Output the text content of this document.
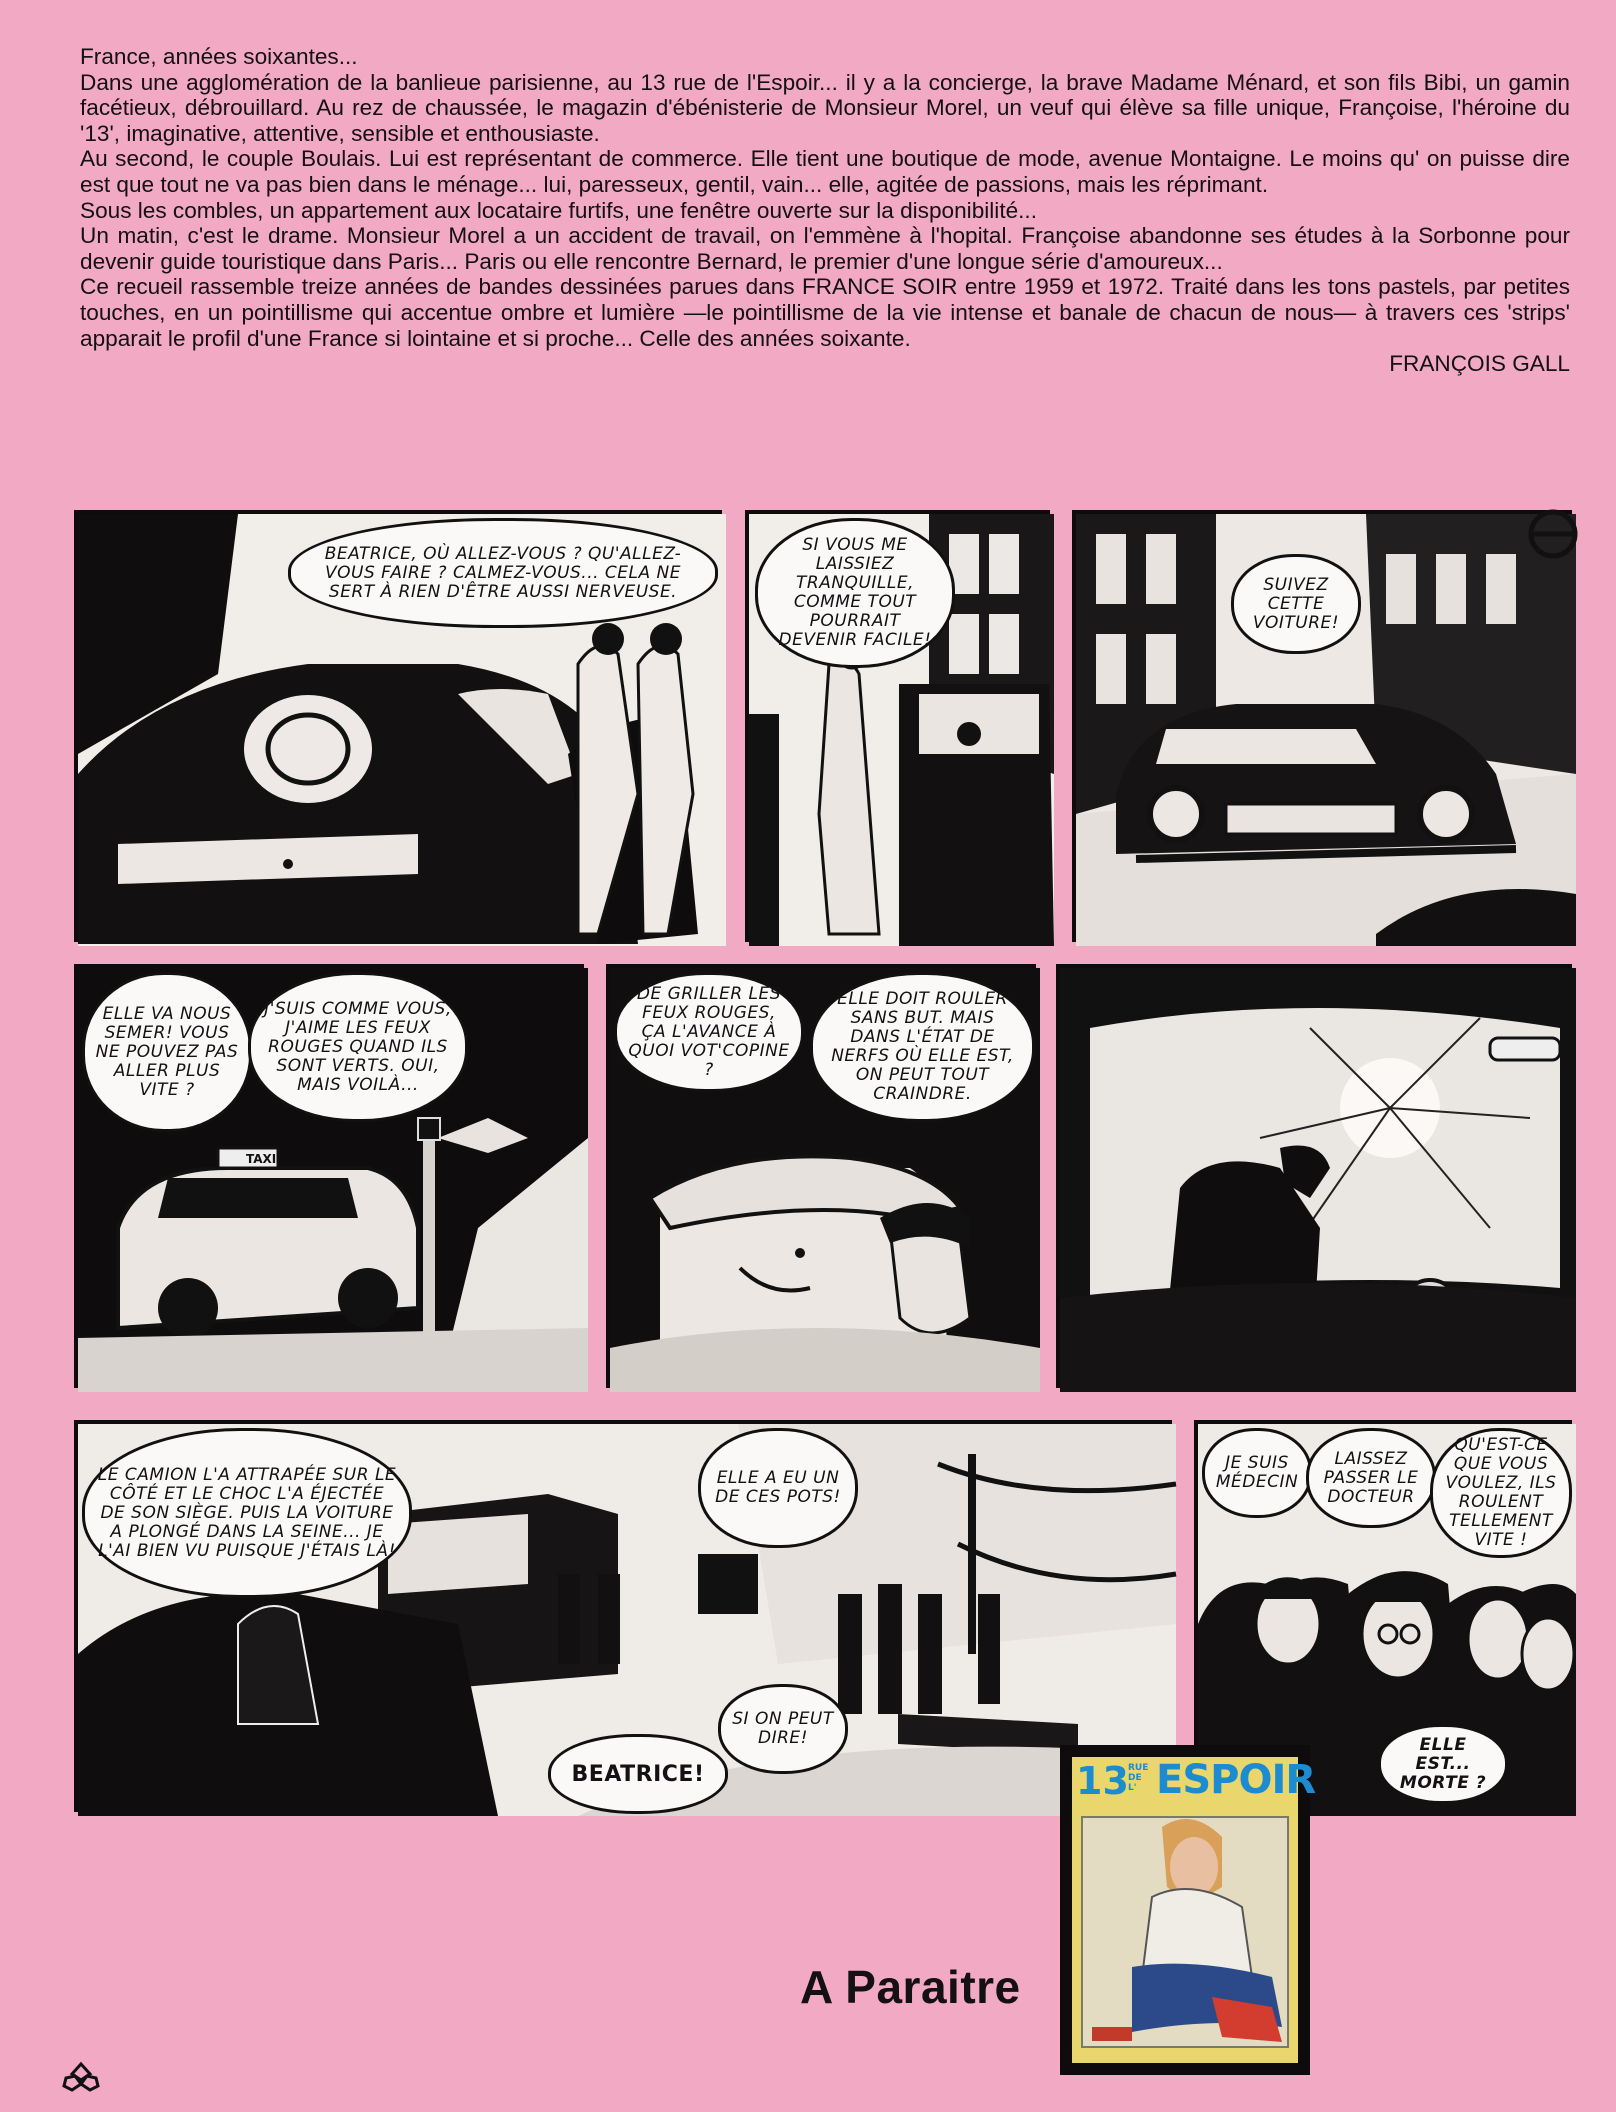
France, années soixantes...

Dans une agglomération de la banlieue parisienne, au 13 rue de l'Espoir... il y a la concierge, la brave Madame Ménard, et son fils Bibi, un gamin facétieux, débrouillard. Au rez de chaussée, le magazin d'ébénisterie de Monsieur Morel, un veuf qui élève sa fille unique, Françoise, l'héroine du '13', imaginative, attentive, sensible et enthousiaste.

Au second, le couple Boulais. Lui est représentant de commerce. Elle tient une boutique de mode, avenue Montaigne. Le moins qu' on puisse dire est que tout ne va pas bien dans le ménage... lui, paresseux, gentil, vain... elle, agitée de passions, mais les réprimant.

Sous les combles, un appartement aux locataire furtifs, une fenêtre ouverte sur la disponibilité...

Un matin, c'est le drame. Monsieur Morel a un accident de travail, on l'emmène à l'hopital. Françoise abandonne ses études à la Sorbonne pour devenir guide touristique dans Paris... Paris ou elle rencontre Bernard, le premier d'une longue série d'amoureux...

Ce recueil rassemble treize années de bandes dessinées parues dans FRANCE SOIR entre 1959 et 1972. Traité dans les tons pastels, par petites touches, en un pointillisme qui accentue ombre et lumière —le pointillisme de la vie intense et banale de chacun de nous— à travers ces 'strips' apparait le profil d'une France si lointaine et si proche... Celle des années soixante.

FRANÇOIS GALL

BEATRICE, OÙ ALLEZ-VOUS ? QU'ALLEZ-VOUS FAIRE ? CALMEZ-VOUS... CELA NE SERT À RIEN D'ÊTRE AUSSI NERVEUSE.
SI VOUS ME LAISSIEZ TRANQUILLE, COMME TOUT POURRAIT DEVENIR FACILE!
SUIVEZ CETTE VOITURE!
ELLE VA NOUS SEMER! VOUS NE POUVEZ PAS ALLER PLUS VITE ?
J'SUIS COMME VOUS, J'AIME LES FEUX ROUGES QUAND ILS SONT VERTS. OUI, MAIS VOILÀ...
TAXI
DE GRILLER LES FEUX ROUGES, ÇA L'AVANCE À QUOI VOT'COPINE ?
ELLE DOIT ROULER SANS BUT. MAIS DANS L'ÉTAT DE NERFS OÙ ELLE EST, ON PEUT TOUT CRAINDRE.
LE CAMION L'A ATTRAPÉE SUR LE CÔTÉ ET LE CHOC L'A ÉJECTÉE DE SON SIÈGE. PUIS LA VOITURE A PLONGÉ DANS LA SEINE... JE L'AI BIEN VU PUISQUE J'ÉTAIS LÀ!
ELLE A EU UN DE CES POTS!
SI ON PEUT DIRE!
BEATRICE!
JE SUIS MÉDECIN
LAISSEZ PASSER LE DOCTEUR
QU'EST-CE QUE VOUS VOULEZ, ILS ROULENT TELLEMENT VITE !
ELLE EST... MORTE ?
13 RUE DE L' ESPOIR
A Paraitre
